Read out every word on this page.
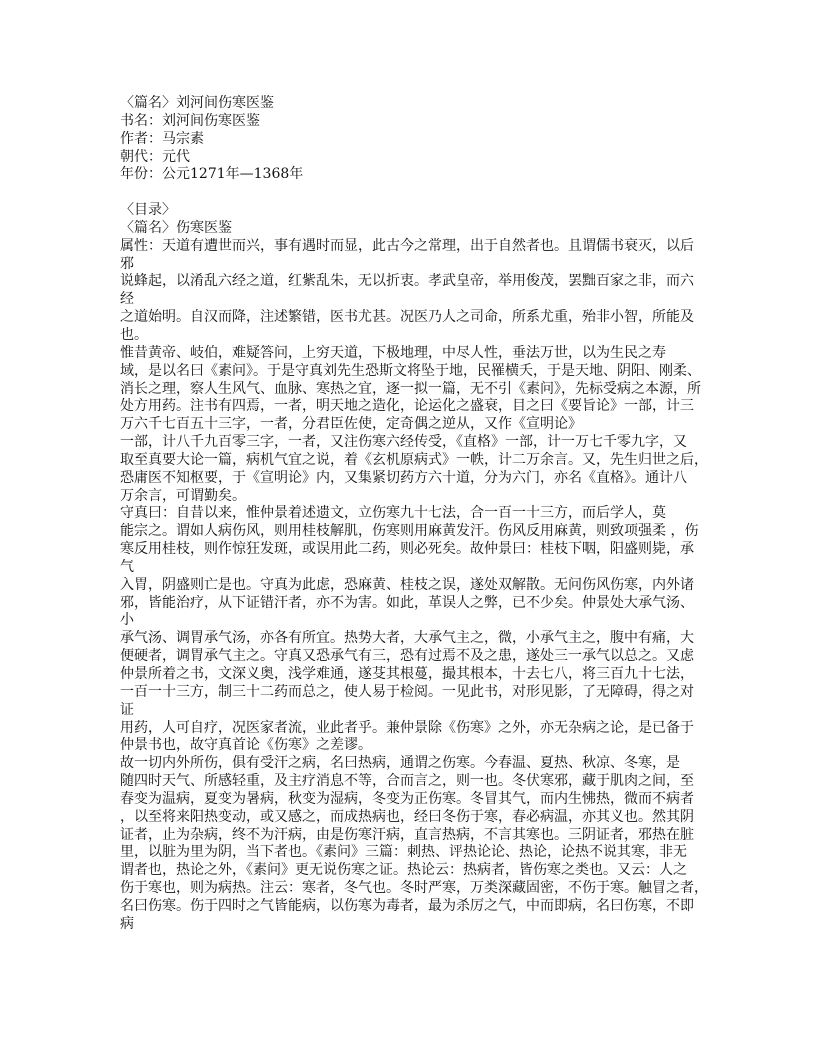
〈篇名〉刘河间伤寒医鉴
书名：刘河间伤寒医鉴
作者：马宗素
朝代：元代
年份：公元1271年—1368年
〈目录〉
〈篇名〉伤寒医鉴
属性：天道有遭世而兴，事有遇时而显，此古今之常理，出于自然者也。且谓儒书衰灭，以后
邪
说蜂起，以淆乱六经之道，红紫乱朱，无以折衷。孝武皇帝，举用俊茂，罢黜百家之非，而六
经
之道始明。自汉而降，注述繁错，医书尤甚。况医乃人之司命，所系尤重，殆非小智，所能及
也。
惟昔黄帝、岐伯，难疑答问，上穷天道，下极地理，中尽人性，垂法万世，以为生民之寿
域，是以名曰《素问》。于是守真刘先生恐斯文将坠于地，民罹横夭，于是天地、阴阳、刚柔、
消长之理，察人生风气、血脉、寒热之宜，逐一拟一篇，无不引《素问》，先标受病之本源，所
处方用药。注书有四焉，一者，明天地之造化，论运化之盛衰，目之曰《要旨论》一部，计三
万六千七百五十三字，一者，分君臣佐使，定奇偶之逆从，又作《宣明论》
一部，计八千九百零三字，一者，又注伤寒六经传受，《直格》一部，计一万七千零九字，又
取至真要大论一篇，病机气宜之说，着《玄机原病式》一帙，计二万余言。又，先生归世之后，
恐庸医不知枢要，于《宣明论》内，又集紧切药方六十道，分为六门，亦名《直格》。通计八
万余言，可谓勤矣。
守真曰：自昔以来，惟仲景着述遗文，立伤寒九十七法，合一百一十三方，而后学人，莫
能宗之。谓如人病伤风，则用桂枝解肌，伤寒则用麻黄发汗。伤风反用麻黄，则致项强柔 ，伤
寒反用桂枝，则作惊狂发斑，或误用此二药，则必死矣。故仲景曰：桂枝下咽，阳盛则毙，承
气
入胃，阴盛则亡是也。守真为此虑，恐麻黄、桂枝之误，遂处双解散。无问伤风伤寒，内外诸
邪，皆能治疗，从下证错汗者，亦不为害。如此，革误人之弊，已不少矣。仲景处大承气汤、
小
承气汤、调胃承气汤，亦各有所宜。热势大者，大承气主之，微，小承气主之，腹中有痛，大
便硬者，调胃承气主之。守真又恐承气有三，恐有过焉不及之患，遂处三一承气以总之。又虑
仲景所着之书，文深义奥，浅学难通，遂芟其根蔓，撮其根本，十去七八，将三百九十七法，
一百一十三方，制三十二药而总之，使人易于检阅。一见此书，对形见影，了无障碍，得之对
证
用药，人可自疗，况医家者流，业此者乎。兼仲景除《伤寒》之外，亦无杂病之论，是已备于
仲景书也，故守真首论《伤寒》之差谬。
故一切内外所伤，俱有受汗之病，名曰热病，通谓之伤寒。今春温、夏热、秋凉、冬寒，是
随四时天气、所感轻重，及主疗消息不等，合而言之，则一也。冬伏寒邪，藏于肌肉之间，至
春变为温病，夏变为暑病，秋变为湿病，冬变为正伤寒。冬冒其气，而内生怫热，微而不病者
，以至将来阳热变动，或又感之，而成热病也，经曰冬伤于寒，春必病温，亦其义也。然其阴
证者，止为杂病，终不为汗病，由是伤寒汗病，直言热病，不言其寒也。三阴证者，邪热在脏
里，以脏为里为阴，当下者也。《素问》三篇：刺热、评热论论、热论，论热不说其寒，非无
谓者也，热论之外，《素问》更无说伤寒之证。热论云：热病者，皆伤寒之类也。又云：人之
伤于寒也，则为病热。注云：寒者，冬气也。冬时严寒，万类深藏固密，不伤于寒。触冒之者，
名曰伤寒。伤于四时之气皆能病，以伤寒为毒者，最为杀厉之气，中而即病，名曰伤寒，不即
病
